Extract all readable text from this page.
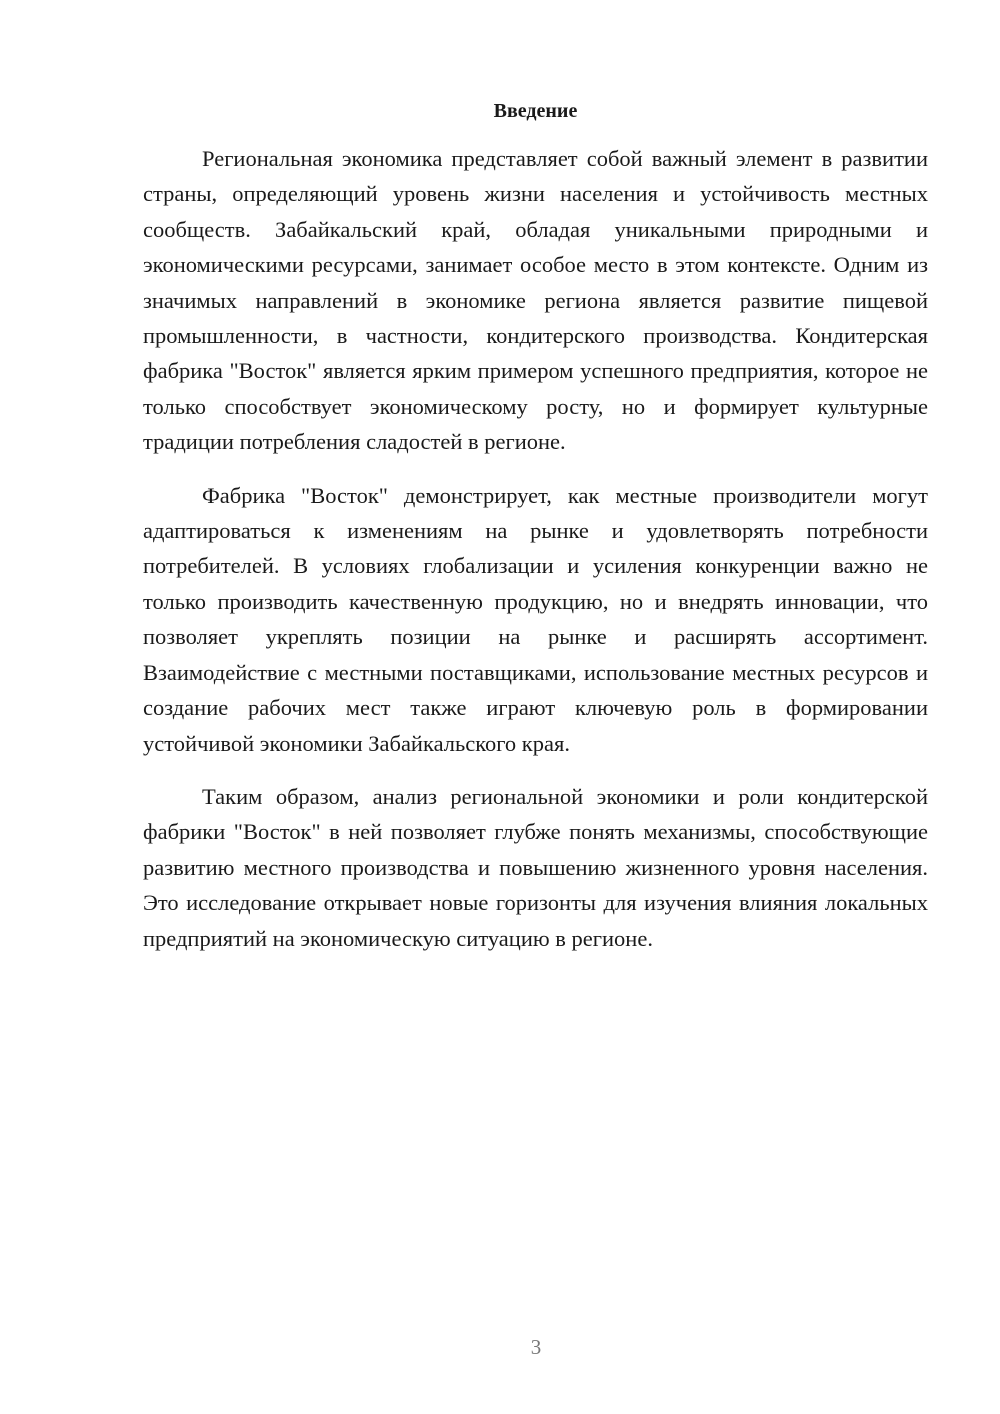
Введение

Региональная экономика представляет собой важный элемент в развитии страны, определяющий уровень жизни населения и устойчивость местных сообществ. Забайкальский край, обладая уникальными природными и экономическими ресурсами, занимает особое место в этом контексте. Одним из значимых направлений в экономике региона является развитие пищевой промышленности, в частности, кондитерского производства. Кондитерская фабрика "Восток" является ярким примером успешного предприятия, которое не только способствует экономическому росту, но и формирует культурные традиции потребления сладостей в регионе.

Фабрика "Восток" демонстрирует, как местные производители могут адаптироваться к изменениям на рынке и удовлетворять потребности потребителей. В условиях глобализации и усиления конкуренции важно не только производить качественную продукцию, но и внедрять инновации, что позволяет укреплять позиции на рынке и расширять ассортимент. Взаимодействие с местными поставщиками, использование местных ресурсов и создание рабочих мест также играют ключевую роль в формировании устойчивой экономики Забайкальского края.

Таким образом, анализ региональной экономики и роли кондитерской фабрики "Восток" в ней позволяет глубже понять механизмы, способствующие развитию местного производства и повышению жизненного уровня населения. Это исследование открывает новые горизонты для изучения влияния локальных предприятий на экономическую ситуацию в регионе.

3
